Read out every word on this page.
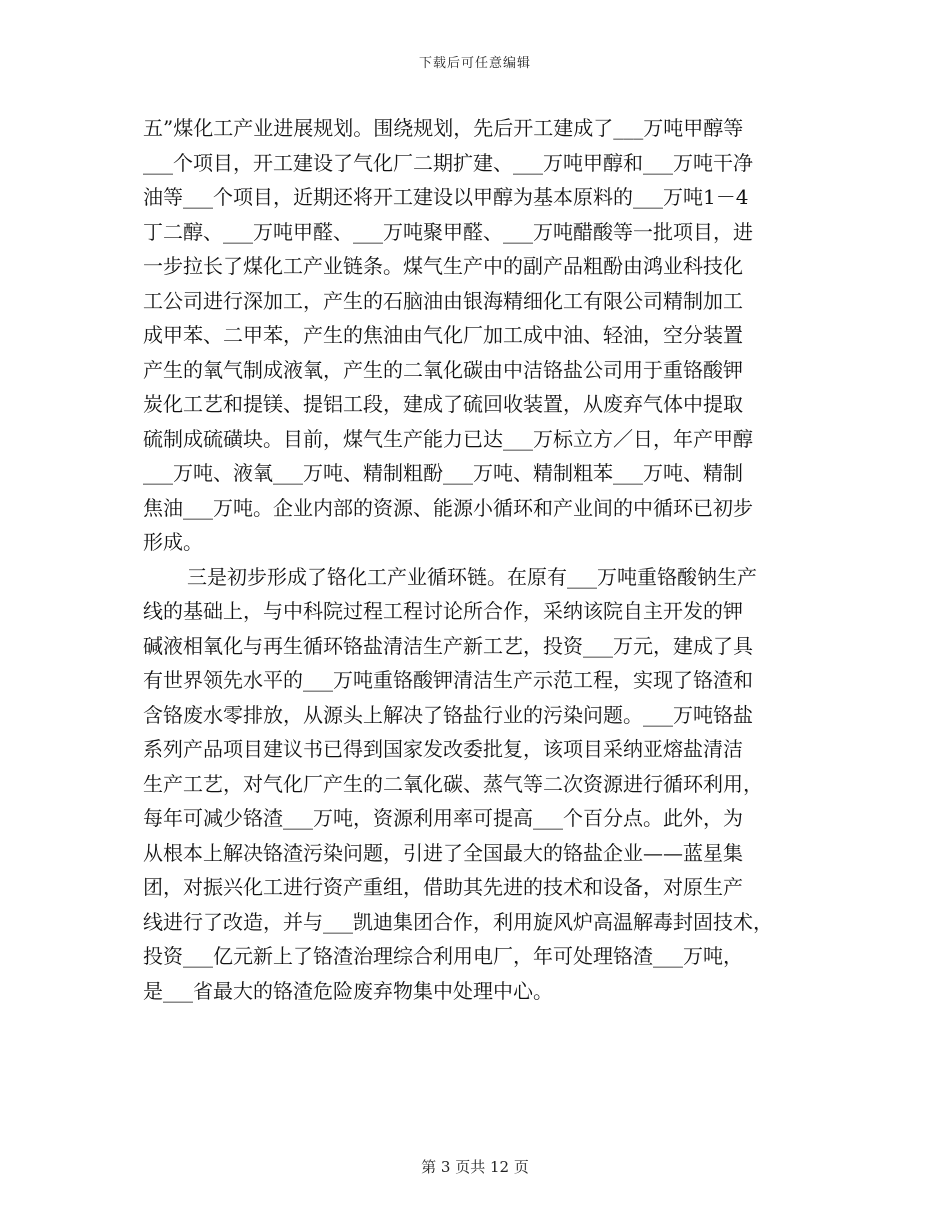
下载后可任意编辑
五”煤化工产业进展规划。围绕规划，先后开工建成了___万吨甲醇等
___个项目，开工建设了气化厂二期扩建、___万吨甲醇和___万吨干净
油等___个项目，近期还将开工建设以甲醇为基本原料的___万吨1－4
丁二醇、___万吨甲醛、___万吨聚甲醛、___万吨醋酸等一批项目，进
一步拉长了煤化工产业链条。煤气生产中的副产品粗酚由鸿业科技化
工公司进行深加工，产生的石脑油由银海精细化工有限公司精制加工
成甲苯、二甲苯，产生的焦油由气化厂加工成中油、轻油，空分装置
产生的氧气制成液氧，产生的二氧化碳由中洁铬盐公司用于重铬酸钾
炭化工艺和提镁、提铝工段，建成了硫回收装置，从废弃气体中提取
硫制成硫磺块。目前，煤气生产能力已达___万标立方／日，年产甲醇
___万吨、液氧___万吨、精制粗酚___万吨、精制粗苯___万吨、精制
焦油___万吨。企业内部的资源、能源小循环和产业间的中循环已初步
形成。
三是初步形成了铬化工产业循环链。在原有___万吨重铬酸钠生产
线的基础上，与中科院过程工程讨论所合作，采纳该院自主开发的钾
碱液相氧化与再生循环铬盐清洁生产新工艺，投资___万元，建成了具
有世界领先水平的___万吨重铬酸钾清洁生产示范工程，实现了铬渣和
含铬废水零排放，从源头上解决了铬盐行业的污染问题。___万吨铬盐
系列产品项目建议书已得到国家发改委批复，该项目采纳亚熔盐清洁
生产工艺，对气化厂产生的二氧化碳、蒸气等二次资源进行循环利用，
每年可减少铬渣___万吨，资源利用率可提高___个百分点。此外，为
从根本上解决铬渣污染问题，引进了全国最大的铬盐企业——蓝星集
团，对振兴化工进行资产重组，借助其先进的技术和设备，对原生产
线进行了改造，并与___凯迪集团合作，利用旋风炉高温解毒封固技术，
投资___亿元新上了铬渣治理综合利用电厂，年可处理铬渣___万吨，
是___省最大的铬渣危险废弃物集中处理中心。
第 3 页共 12 页
